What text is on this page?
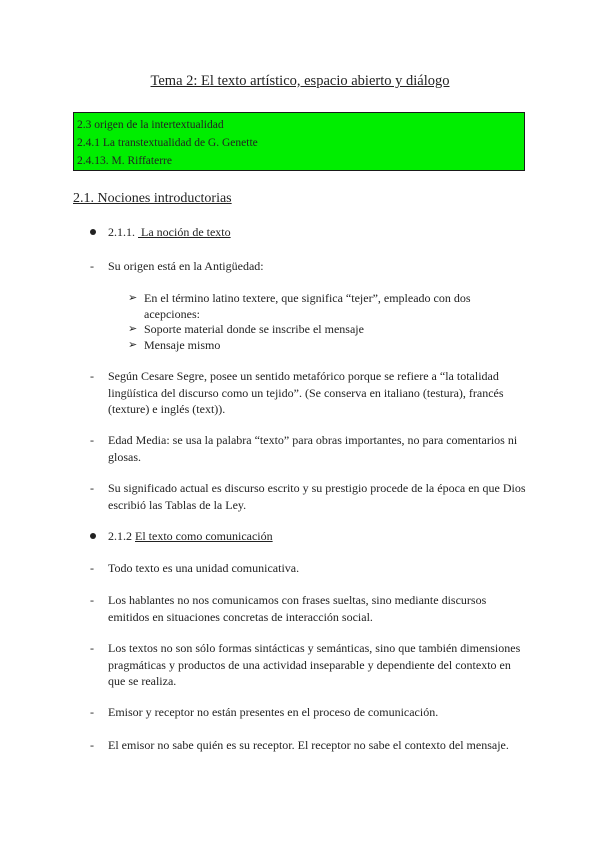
Tema 2: El texto artístico, espacio abierto y diálogo
2.3 origen de la intertextualidad
2.4.1 La transtextualidad de G. Genette
2.4.13. M. Riffaterre
2.1. Nociones introductorias
2.1.1. La noción de texto
- Su origen está en la Antigüedad:
➢ En el término latino textere, que significa “tejer”, empleado con dos acepciones:
➢ Soporte material donde se inscribe el mensaje
➢ Mensaje mismo
- Según Cesare Segre, posee un sentido metafórico porque se refiere a “la totalidad lingüística del discurso como un tejido”. (Se conserva en italiano (testura), francés (texture) e inglés (text)).
- Edad Media: se usa la palabra “texto” para obras importantes, no para comentarios ni glosas.
- Su significado actual es discurso escrito y su prestigio procede de la época en que Dios escribió las Tablas de la Ley.
2.1.2 El texto como comunicación
- Todo texto es una unidad comunicativa.
- Los hablantes no nos comunicamos con frases sueltas, sino mediante discursos emitidos en situaciones concretas de interacción social.
- Los textos no son sólo formas sintácticas y semánticas, sino que también dimensiones pragmáticas y productos de una actividad inseparable y dependiente del contexto en que se realiza.
- Emisor y receptor no están presentes en el proceso de comunicación.
- El emisor no sabe quién es su receptor. El receptor no sabe el contexto del mensaje.
